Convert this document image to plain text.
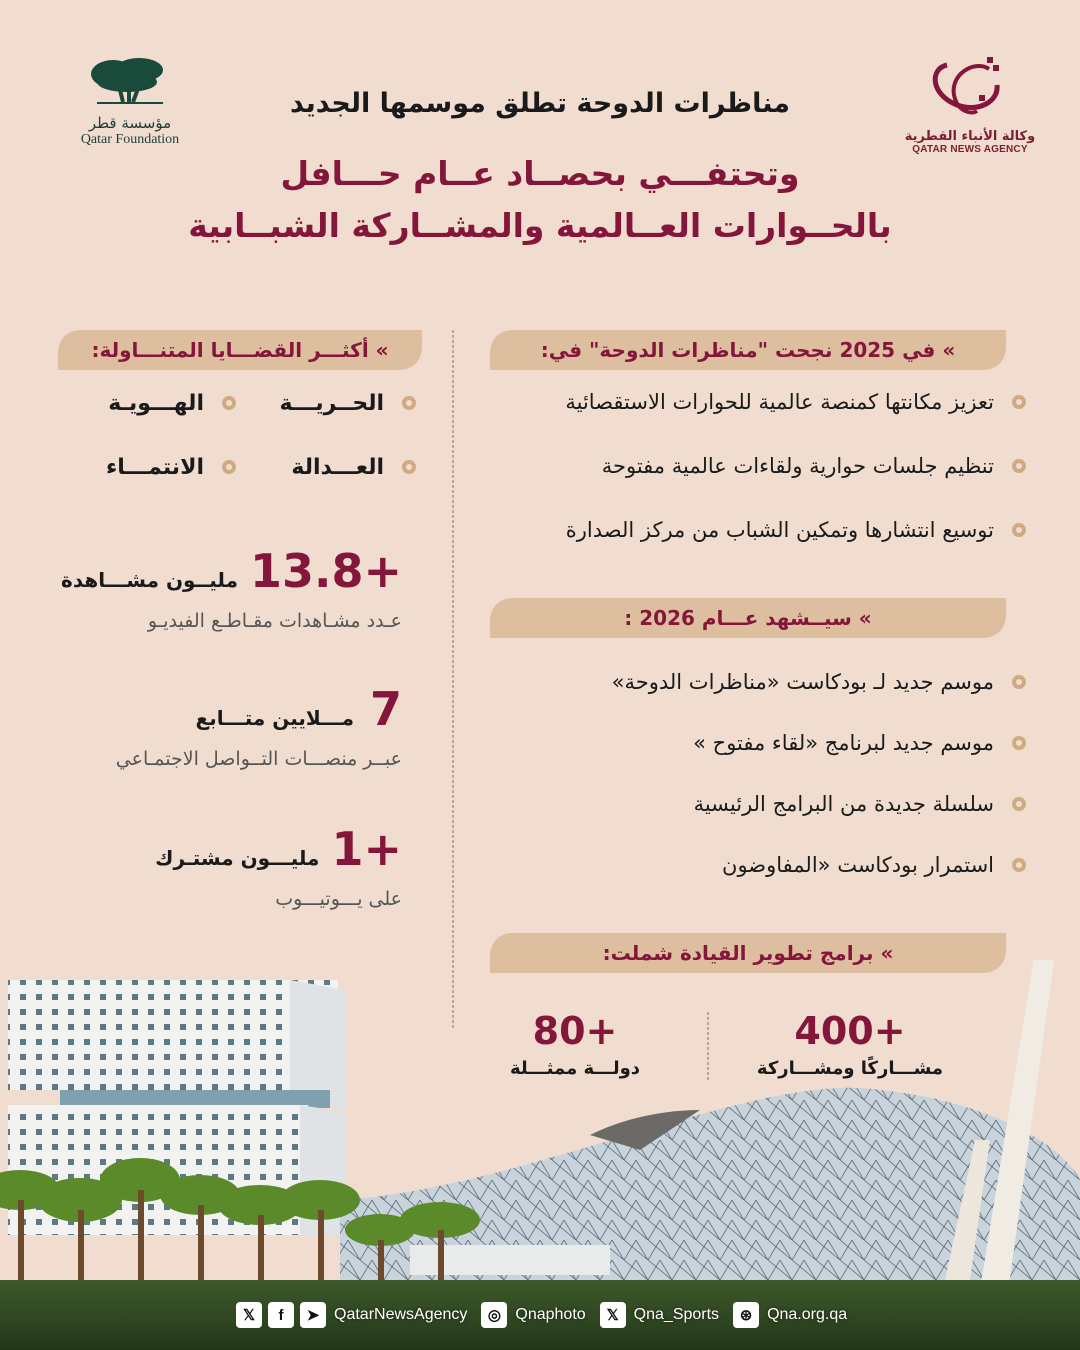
مؤسسة قطر
Qatar Foundation	وكالة الأنباء القطرية
QATAR NEWS AGENCY
مناظرات الدوحة تطلق موسمها الجديد
وتحتفـــي بحصــاد عــام حـــافل
بالحــوارات العــالمية والمشــاركة الشبــابية
» في 2025 نجحت "مناظرات الدوحة" في:
تعزيز مكانتها كمنصة عالمية للحوارات الاستقصائية
تنظيم جلسات حوارية ولقاءات عالمية مفتوحة
توسيع انتشارها وتمكين الشباب من مركز الصدارة
» سيــشهد عـــام 2026 :
موسم جديد لـ بودكاست «مناظرات الدوحة»
موسم جديد لبرنامج «لقاء مفتوح »
سلسلة جديدة من البرامج الرئيسية
استمرار بودكاست «المفاوضون
» برامج تطوير القيادة شملت:
400+
مشـــاركًا ومشـــاركة
80+
دولـــة ممثـــلة
» أكثـــر القضـــايا المتنـــاولة:
الحــريـــة
الهـــويـة
العـــدالة
الانتمـــاء
13.8+
مليــون مشـــاهدة
عـدد مشـاهدات مقـاطـع الفيديـو
7
مـــلايين متـــابع
عبــر منصـــات التــواصل الاجتمـاعي
1+
مليـــون مشتـرك
على يـــوتيـــوب
𝕏	f	➤ QatarNewsAgency	◎ Qnaphoto	𝕏 Qna_Sports	⊛ Qna.org.qa
